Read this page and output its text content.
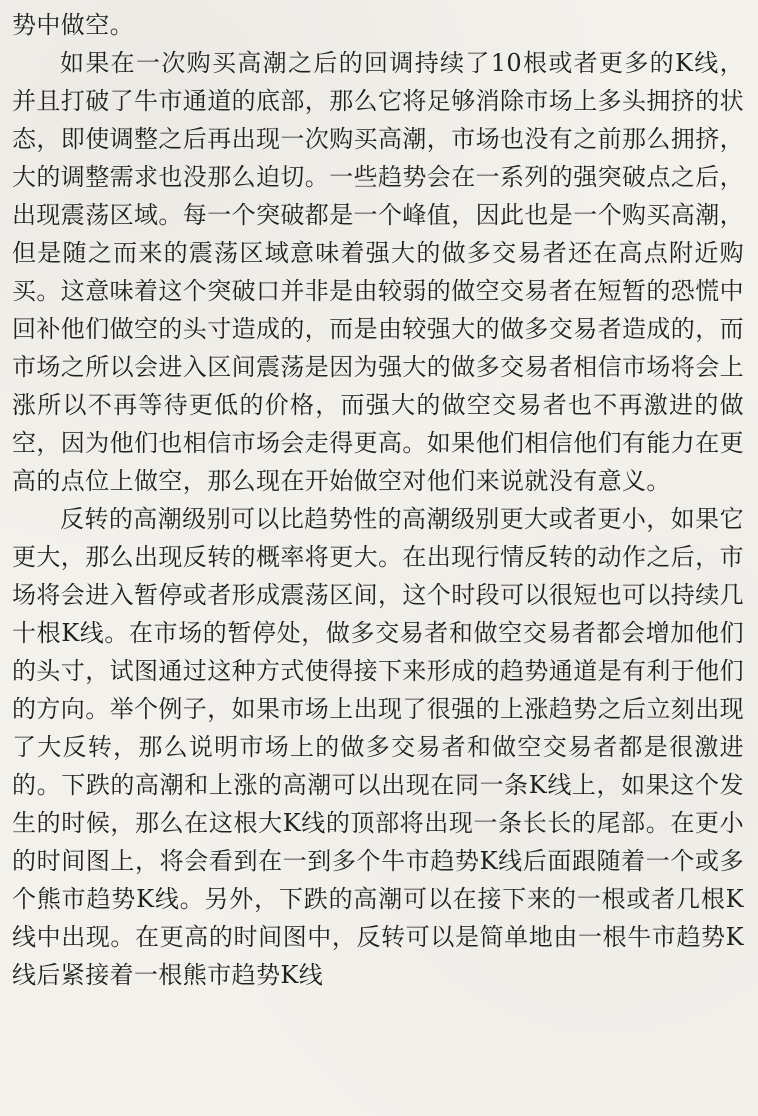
势中做空。

如果在一次购买高潮之后的回调持续了10根或者更多的K线，并且打破了牛市通道的底部，那么它将足够消除市场上多头拥挤的状态，即使调整之后再出现一次购买高潮，市场也没有之前那么拥挤，大的调整需求也没那么迫切。一些趋势会在一系列的强突破点之后，出现震荡区域。每一个突破都是一个峰值，因此也是一个购买高潮，但是随之而来的震荡区域意味着强大的做多交易者还在高点附近购买。这意味着这个突破口并非是由较弱的做空交易者在短暂的恐慌中回补他们做空的头寸造成的，而是由较强大的做多交易者造成的，而市场之所以会进入区间震荡是因为强大的做多交易者相信市场将会上涨所以不再等待更低的价格，而强大的做空交易者也不再激进的做空，因为他们也相信市场会走得更高。如果他们相信他们有能力在更高的点位上做空，那么现在开始做空对他们来说就没有意义。

反转的高潮级别可以比趋势性的高潮级别更大或者更小，如果它更大，那么出现反转的概率将更大。在出现行情反转的动作之后，市场将会进入暂停或者形成震荡区间，这个时段可以很短也可以持续几十根K线。在市场的暂停处，做多交易者和做空交易者都会增加他们的头寸，试图通过这种方式使得接下来形成的趋势通道是有利于他们的方向。举个例子，如果市场上出现了很强的上涨趋势之后立刻出现了大反转，那么说明市场上的做多交易者和做空交易者都是很激进的。下跌的高潮和上涨的高潮可以出现在同一条K线上，如果这个发生的时候，那么在这根大K线的顶部将出现一条长长的尾部。在更小的时间图上，将会看到在一到多个牛市趋势K线后面跟随着一个或多个熊市趋势K线。另外，下跌的高潮可以在接下来的一根或者几根K线中出现。在更高的时间图中，反转可以是简单地由一根牛市趋势K线后紧接着一根熊市趋势K线
